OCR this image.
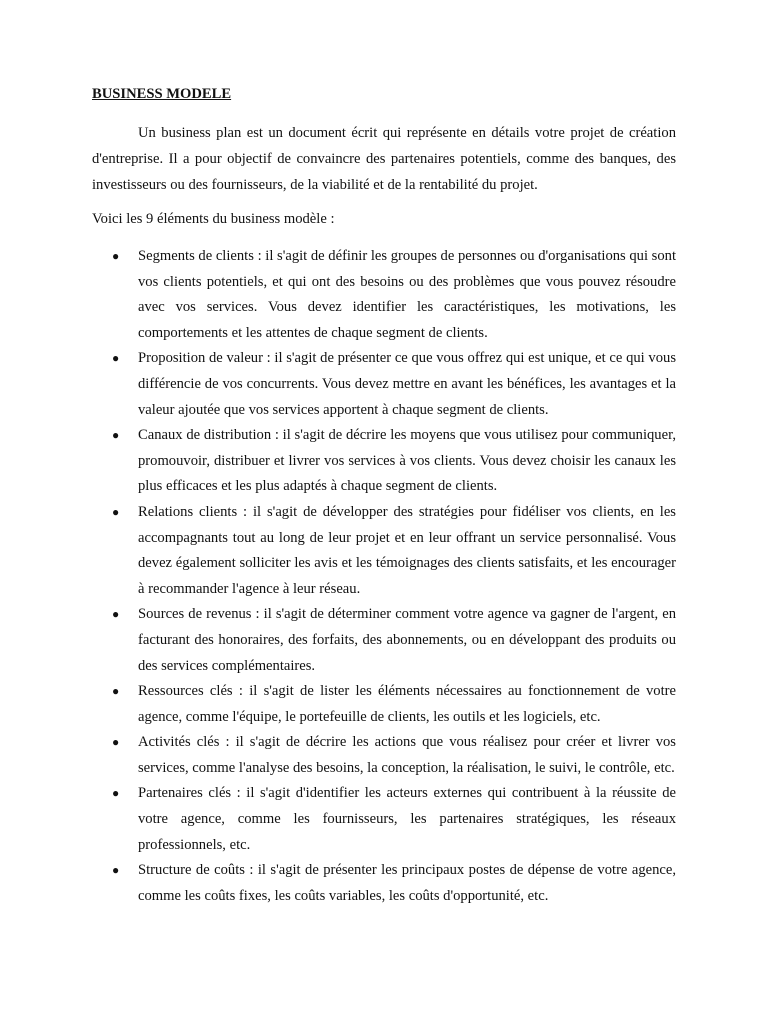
BUSINESS MODELE

Un business plan est un document écrit qui représente en détails votre projet de création d'entreprise. Il a pour objectif de convaincre des partenaires potentiels, comme des banques, des investisseurs ou des fournisseurs, de la viabilité et de la rentabilité du projet.

Voici les 9 éléments du business modèle :

● Segments de clients : il s'agit de définir les groupes de personnes ou d'organisations qui sont vos clients potentiels, et qui ont des besoins ou des problèmes que vous pouvez résoudre avec vos services. Vous devez identifier les caractéristiques, les motivations, les comportements et les attentes de chaque segment de clients.
● Proposition de valeur : il s'agit de présenter ce que vous offrez qui est unique, et ce qui vous différencie de vos concurrents. Vous devez mettre en avant les bénéfices, les avantages et la valeur ajoutée que vos services apportent à chaque segment de clients.
● Canaux de distribution : il s'agit de décrire les moyens que vous utilisez pour communiquer, promouvoir, distribuer et livrer vos services à vos clients. Vous devez choisir les canaux les plus efficaces et les plus adaptés à chaque segment de clients.
● Relations clients : il s'agit de développer des stratégies pour fidéliser vos clients, en les accompagnants tout au long de leur projet et en leur offrant un service personnalisé. Vous devez également solliciter les avis et les témoignages des clients satisfaits, et les encourager à recommander l'agence à leur réseau.
● Sources de revenus : il s'agit de déterminer comment votre agence va gagner de l'argent, en facturant des honoraires, des forfaits, des abonnements, ou en développant des produits ou des services complémentaires.
● Ressources clés : il s'agit de lister les éléments nécessaires au fonctionnement de votre agence, comme l'équipe, le portefeuille de clients, les outils et les logiciels, etc.
● Activités clés : il s'agit de décrire les actions que vous réalisez pour créer et livrer vos services, comme l'analyse des besoins, la conception, la réalisation, le suivi, le contrôle, etc.
● Partenaires clés : il s'agit d'identifier les acteurs externes qui contribuent à la réussite de votre agence, comme les fournisseurs, les partenaires stratégiques, les réseaux professionnels, etc.
● Structure de coûts : il s'agit de présenter les principaux postes de dépense de votre agence, comme les coûts fixes, les coûts variables, les coûts d'opportunité, etc.
